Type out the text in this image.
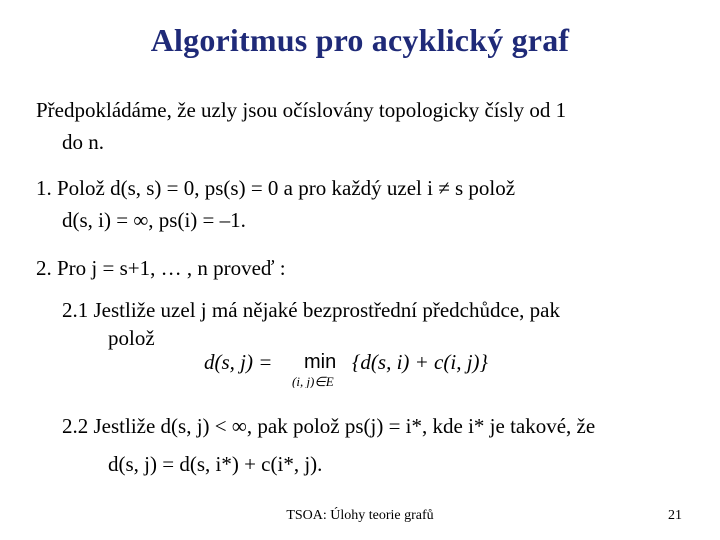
Algoritmus pro acyklický graf
Předpokládáme, že uzly jsou očíslovány topologicky čísly od 1
do n.
1. Polož d(s, s) = 0, ps(s) = 0 a pro každý uzel i ≠ s polož
d(s, i) = ∞, ps(i) = –1.
2. Pro j = s+1, … , n proveď :
2.1 Jestliže uzel j má nějaké bezprostřední předchůdce, pak
polož
d(s, j) = min
(i, j)∈E
{d(s, i) + c(i, j)}
2.2 Jestliže d(s, j) < ∞, pak polož ps(j) = i*, kde i* je takové, že
d(s, j) = d(s, i*) + c(i*, j).
TSOA: Úlohy teorie grafů	21
